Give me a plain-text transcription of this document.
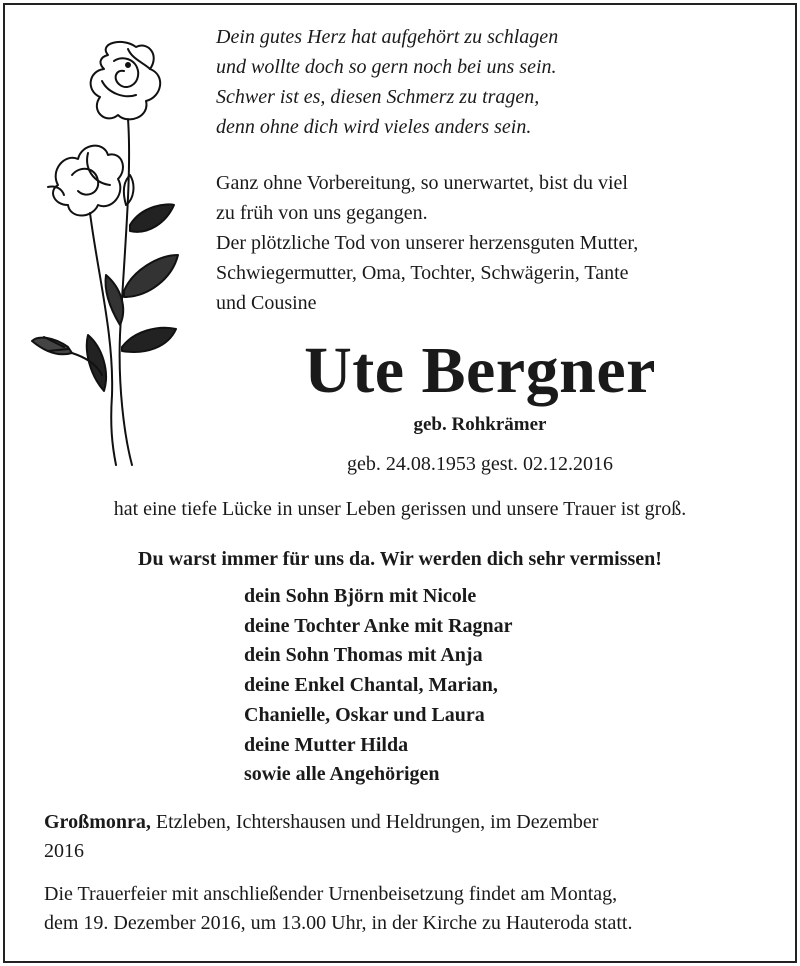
Dein gutes Herz hat aufgehört zu schlagen
und wollte doch so gern noch bei uns sein.
Schwer ist es, diesen Schmerz zu tragen,
denn ohne dich wird vieles anders sein.
Ganz ohne Vorbereitung, so unerwartet, bist du viel
zu früh von uns gegangen.
Der plötzliche Tod von unserer herzensguten Mutter,
Schwiegermutter, Oma, Tochter, Schwägerin, Tante
und Cousine
Ute Bergner
geb. Rohkrämer
geb. 24.08.1953 gest. 02.12.2016
hat eine tiefe Lücke in unser Leben gerissen und unsere Trauer ist groß.
Du warst immer für uns da. Wir werden dich sehr vermissen!
dein Sohn Björn mit Nicole
deine Tochter Anke mit Ragnar
dein Sohn Thomas mit Anja
deine Enkel Chantal, Marian,
Chanielle, Oskar und Laura
deine Mutter Hilda
sowie alle Angehörigen
Großmonra, Etzleben, Ichtershausen und Heldrungen, im Dezember
2016
Die Trauerfeier mit anschließender Urnenbeisetzung findet am Montag,
dem 19. Dezember 2016, um 13.00 Uhr, in der Kirche zu Hauteroda statt.
